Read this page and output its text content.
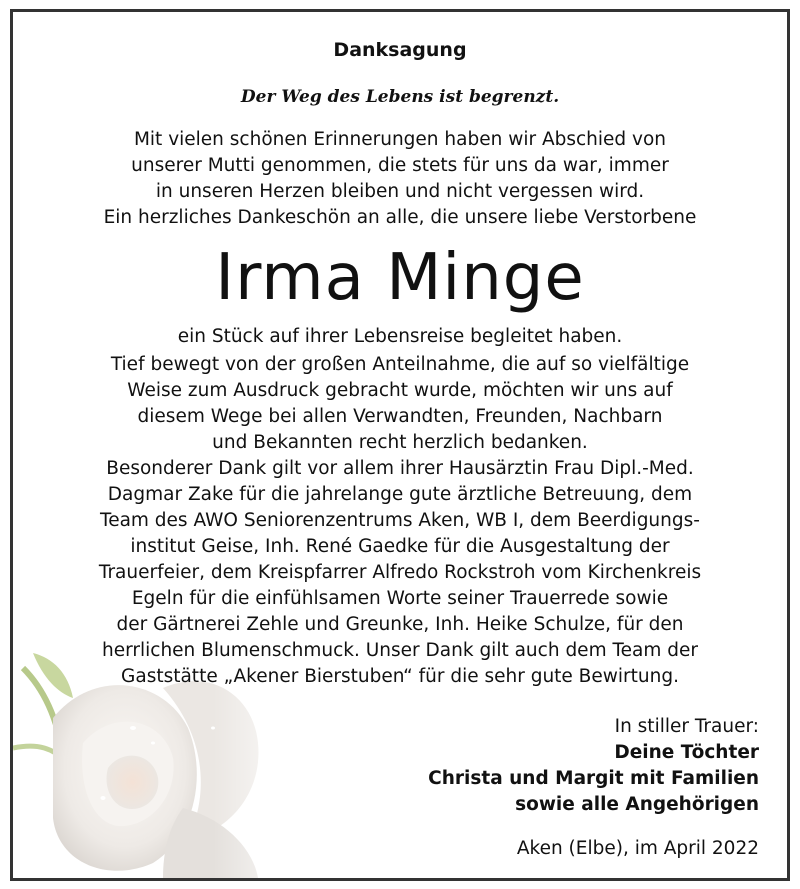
Danksagung
Der Weg des Lebens ist begrenzt.
Mit vielen schönen Erinnerungen haben wir Abschied von
unserer Mutti genommen, die stets für uns da war, immer
in unseren Herzen bleiben und nicht vergessen wird.
Ein herzliches Dankeschön an alle, die unsere liebe Verstorbene
Irma Minge
ein Stück auf ihrer Lebensreise begleitet haben.
Tief bewegt von der großen Anteilnahme, die auf so vielfältige
Weise zum Ausdruck gebracht wurde, möchten wir uns auf
diesem Wege bei allen Verwandten, Freunden, Nachbarn
und Bekannten recht herzlich bedanken.
Besonderer Dank gilt vor allem ihrer Hausärztin Frau Dipl.-Med.
Dagmar Zake für die jahrelange gute ärztliche Betreuung, dem
Team des AWO Seniorenzentrums Aken, WB I, dem Beerdigungs-
institut Geise, Inh. René Gaedke für die Ausgestaltung der
Trauerfeier, dem Kreispfarrer Alfredo Rockstroh vom Kirchenkreis
Egeln für die einfühlsamen Worte seiner Trauerrede sowie
der Gärtnerei Zehle und Greunke, Inh. Heike Schulze, für den
herrlichen Blumenschmuck. Unser Dank gilt auch dem Team der
Gaststätte „Akener Bierstuben“ für die sehr gute Bewirtung.
In stiller Trauer:
Deine Töchter
Christa und Margit mit Familien
sowie alle Angehörigen
Aken (Elbe), im April 2022
